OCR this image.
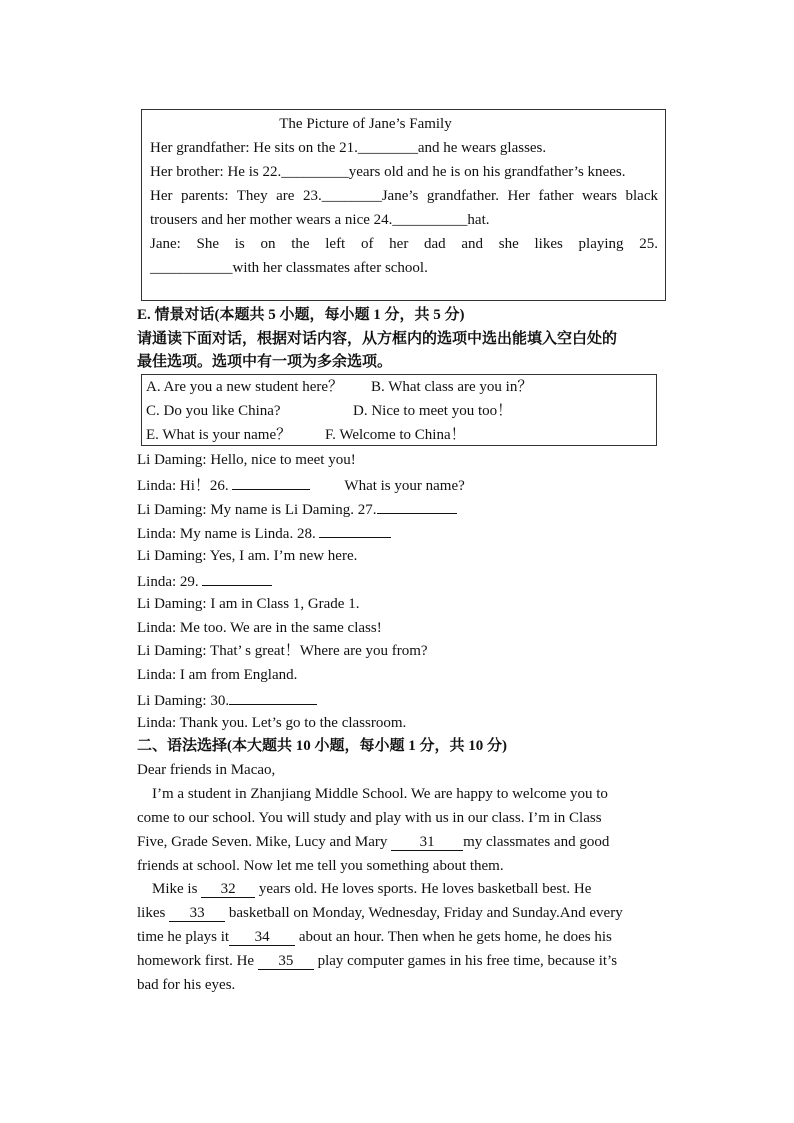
The Picture of Jane’s Family
Her grandfather: He sits on the 21.________and he wears glasses.
Her brother: He is 22._________years old and he is on his grandfather’s knees.
Her parents: They are 23.________Jane’s grandfather. Her father wears black
trousers and her mother wears a nice 24.__________hat.
Jane: She is on the left of her dad and she likes playing 25.
___________with her classmates after school.
E. 情景对话(本题共 5 小题，每小题 1 分，共 5 分)
请通读下面对话，根据对话内容，从方框内的选项中选出能填入空白处的
最佳选项。选项中有一项为多余选项。
A. Are you a new student here？ B. What class are you in？
C. Do you like China?	D. Nice to meet you too！
E. What is your name？ F. Welcome to China！
Li Daming: Hello, nice to meet you!
Linda: Hi！26.	What is your name?
Li Daming: My name is Li Daming. 27.
Linda: My name is Linda. 28.
Li Daming: Yes, I am. I’m new here.
Linda: 29.
Li Daming: I am in Class 1, Grade 1.
Linda: Me too. We are in the same class!
Li Daming: That’ s great！Where are you from?
Linda: I am from England.
Li Daming: 30.
Linda: Thank you. Let’s go to the classroom.
二、语法选择(本大题共 10 小题，每小题 1 分，共 10 分)
Dear friends in Macao,
I’m a student in Zhanjiang Middle School. We are happy to welcome you to
come to our school. You will study and play with us in our class. I’m in Class
Five, Grade Seven. Mike, Lucy and Mary 31 my classmates and good
friends at school. Now let me tell you something about them.
Mike is 32 years old. He loves sports. He loves basketball best. He
likes 33 basketball on Monday, Wednesday, Friday and Sunday.And every
time he plays it 34 about an hour. Then when he gets home, he does his
homework first. He 35 play computer games in his free time, because it’s
bad for his eyes.
